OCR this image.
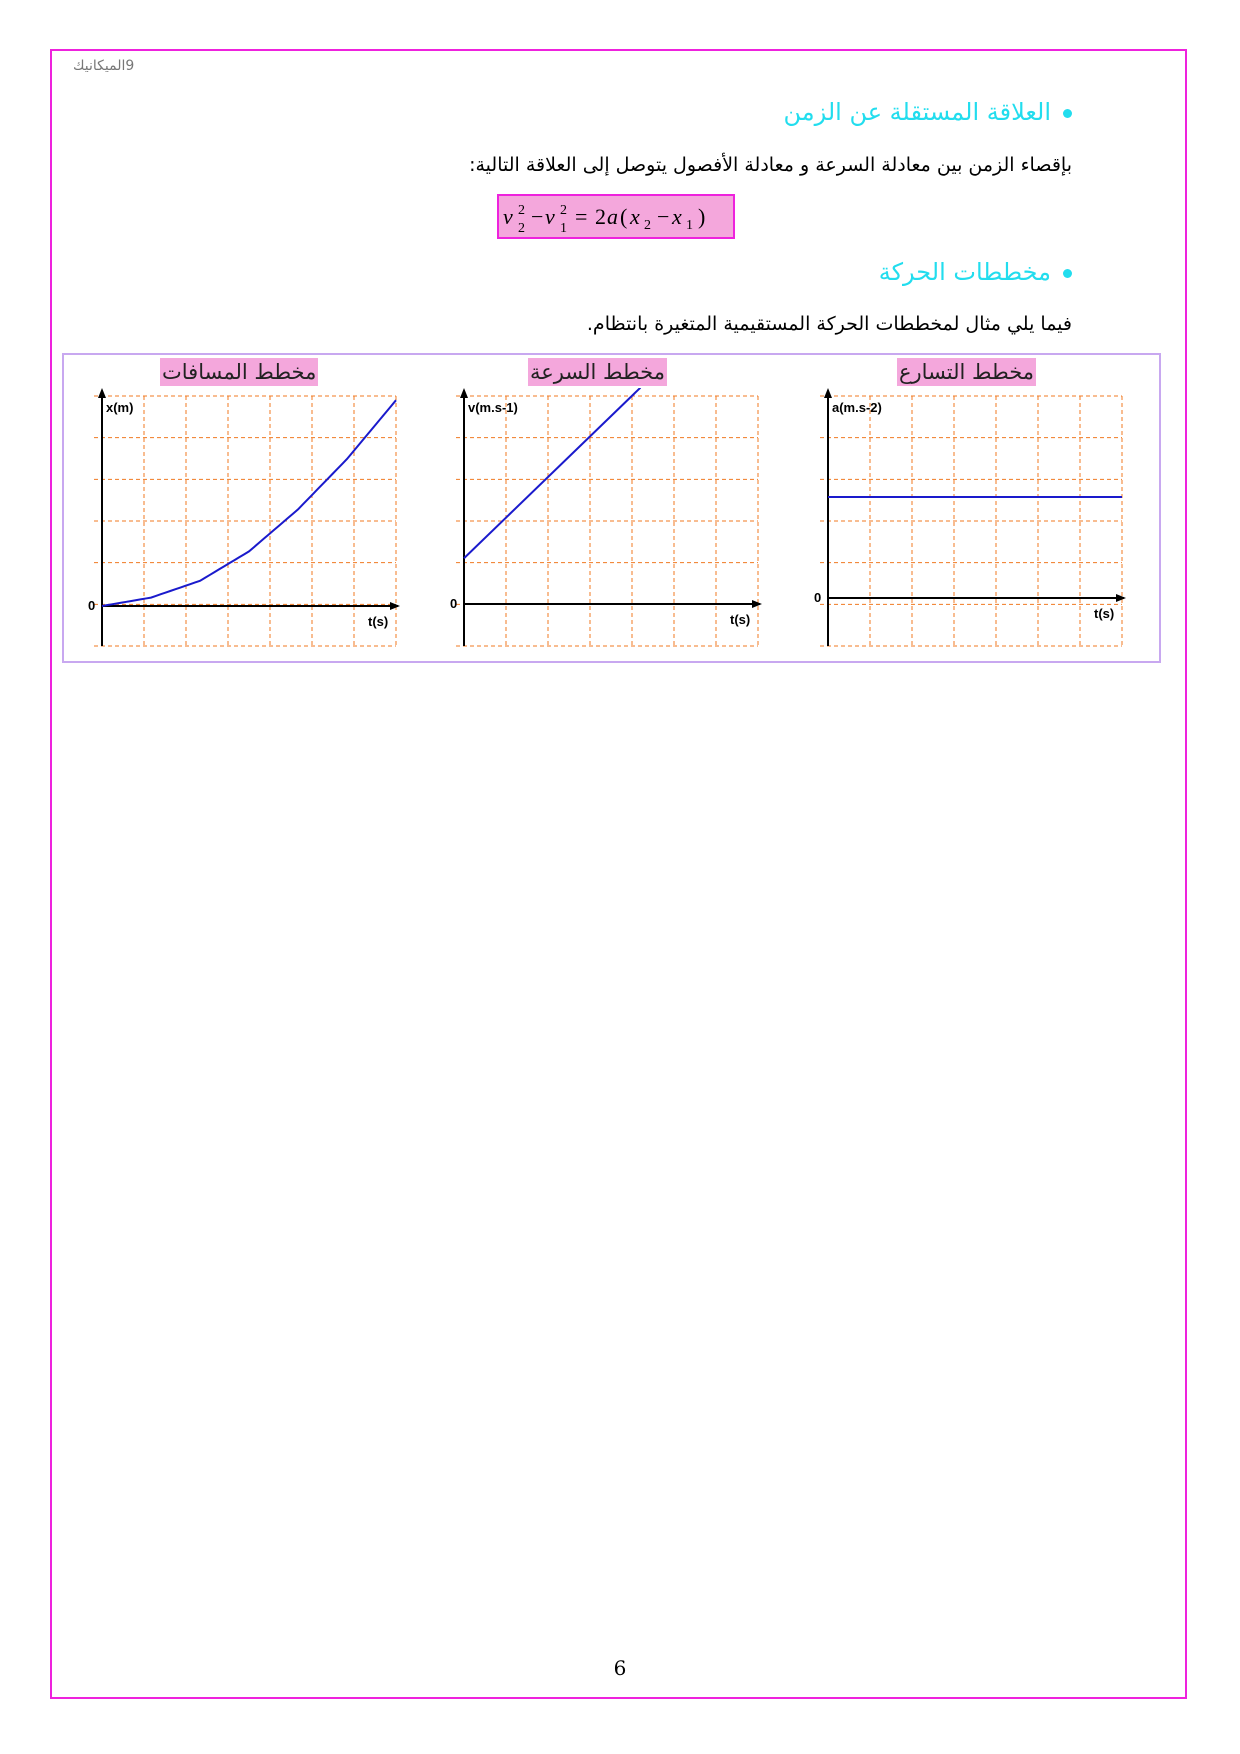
9الميكانيك
العلاقة المستقلة عن الزمن
بإقصاء الزمن بين معادلة السرعة و معادلة الأفصول يتوصل إلى العلاقة التالية:
v 2
2 − v 2
1 = 2 a ( x 2 − x 1 )
مخططات الحركة
فيما يلي مثال لمخططات الحركة المستقيمية المتغيرة بانتظام.
مخطط المسافات	مخطط السرعة	مخطط التسارع
x(m)
t(s)
0
v(m.s-1)
t(s)
0
a(m.s-2)
t(s)
0
6
